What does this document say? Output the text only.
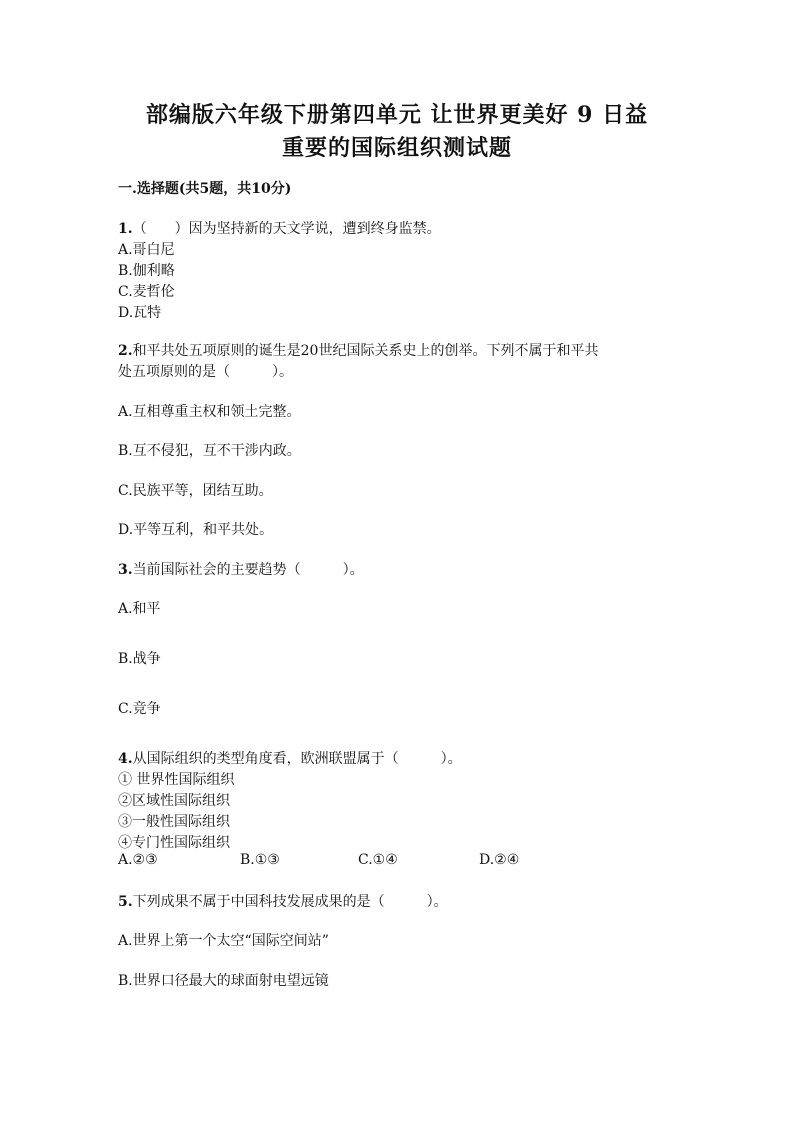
部编版六年级下册第四单元 让世界更美好 9 日益
重要的国际组织测试题
一.选择题(共5题，共10分)
1.（　　）因为坚持新的天文学说，遭到终身监禁。
A.哥白尼
B.伽利略
C.麦哲伦
D.瓦特
2.和平共处五项原则的诞生是20世纪国际关系史上的创举。下列不属于和平共
处五项原则的是（　　　）。
A.互相尊重主权和领土完整。
B.互不侵犯，互不干涉内政。
C.民族平等，团结互助。
D.平等互利，和平共处。
3.当前国际社会的主要趋势（　　　）。
A.和平
B.战争
C.竞争
4.从国际组织的类型角度看，欧洲联盟属于（　　　）。
① 世界性国际组织
②区域性国际组织
③一般性国际组织
④专门性国际组织
A.②③	B.①③	C.①④	D.②④
5.下列成果不属于中国科技发展成果的是（　　　）。
A.世界上第一个太空“国际空间站”
B.世界口径最大的球面射电望远镜
